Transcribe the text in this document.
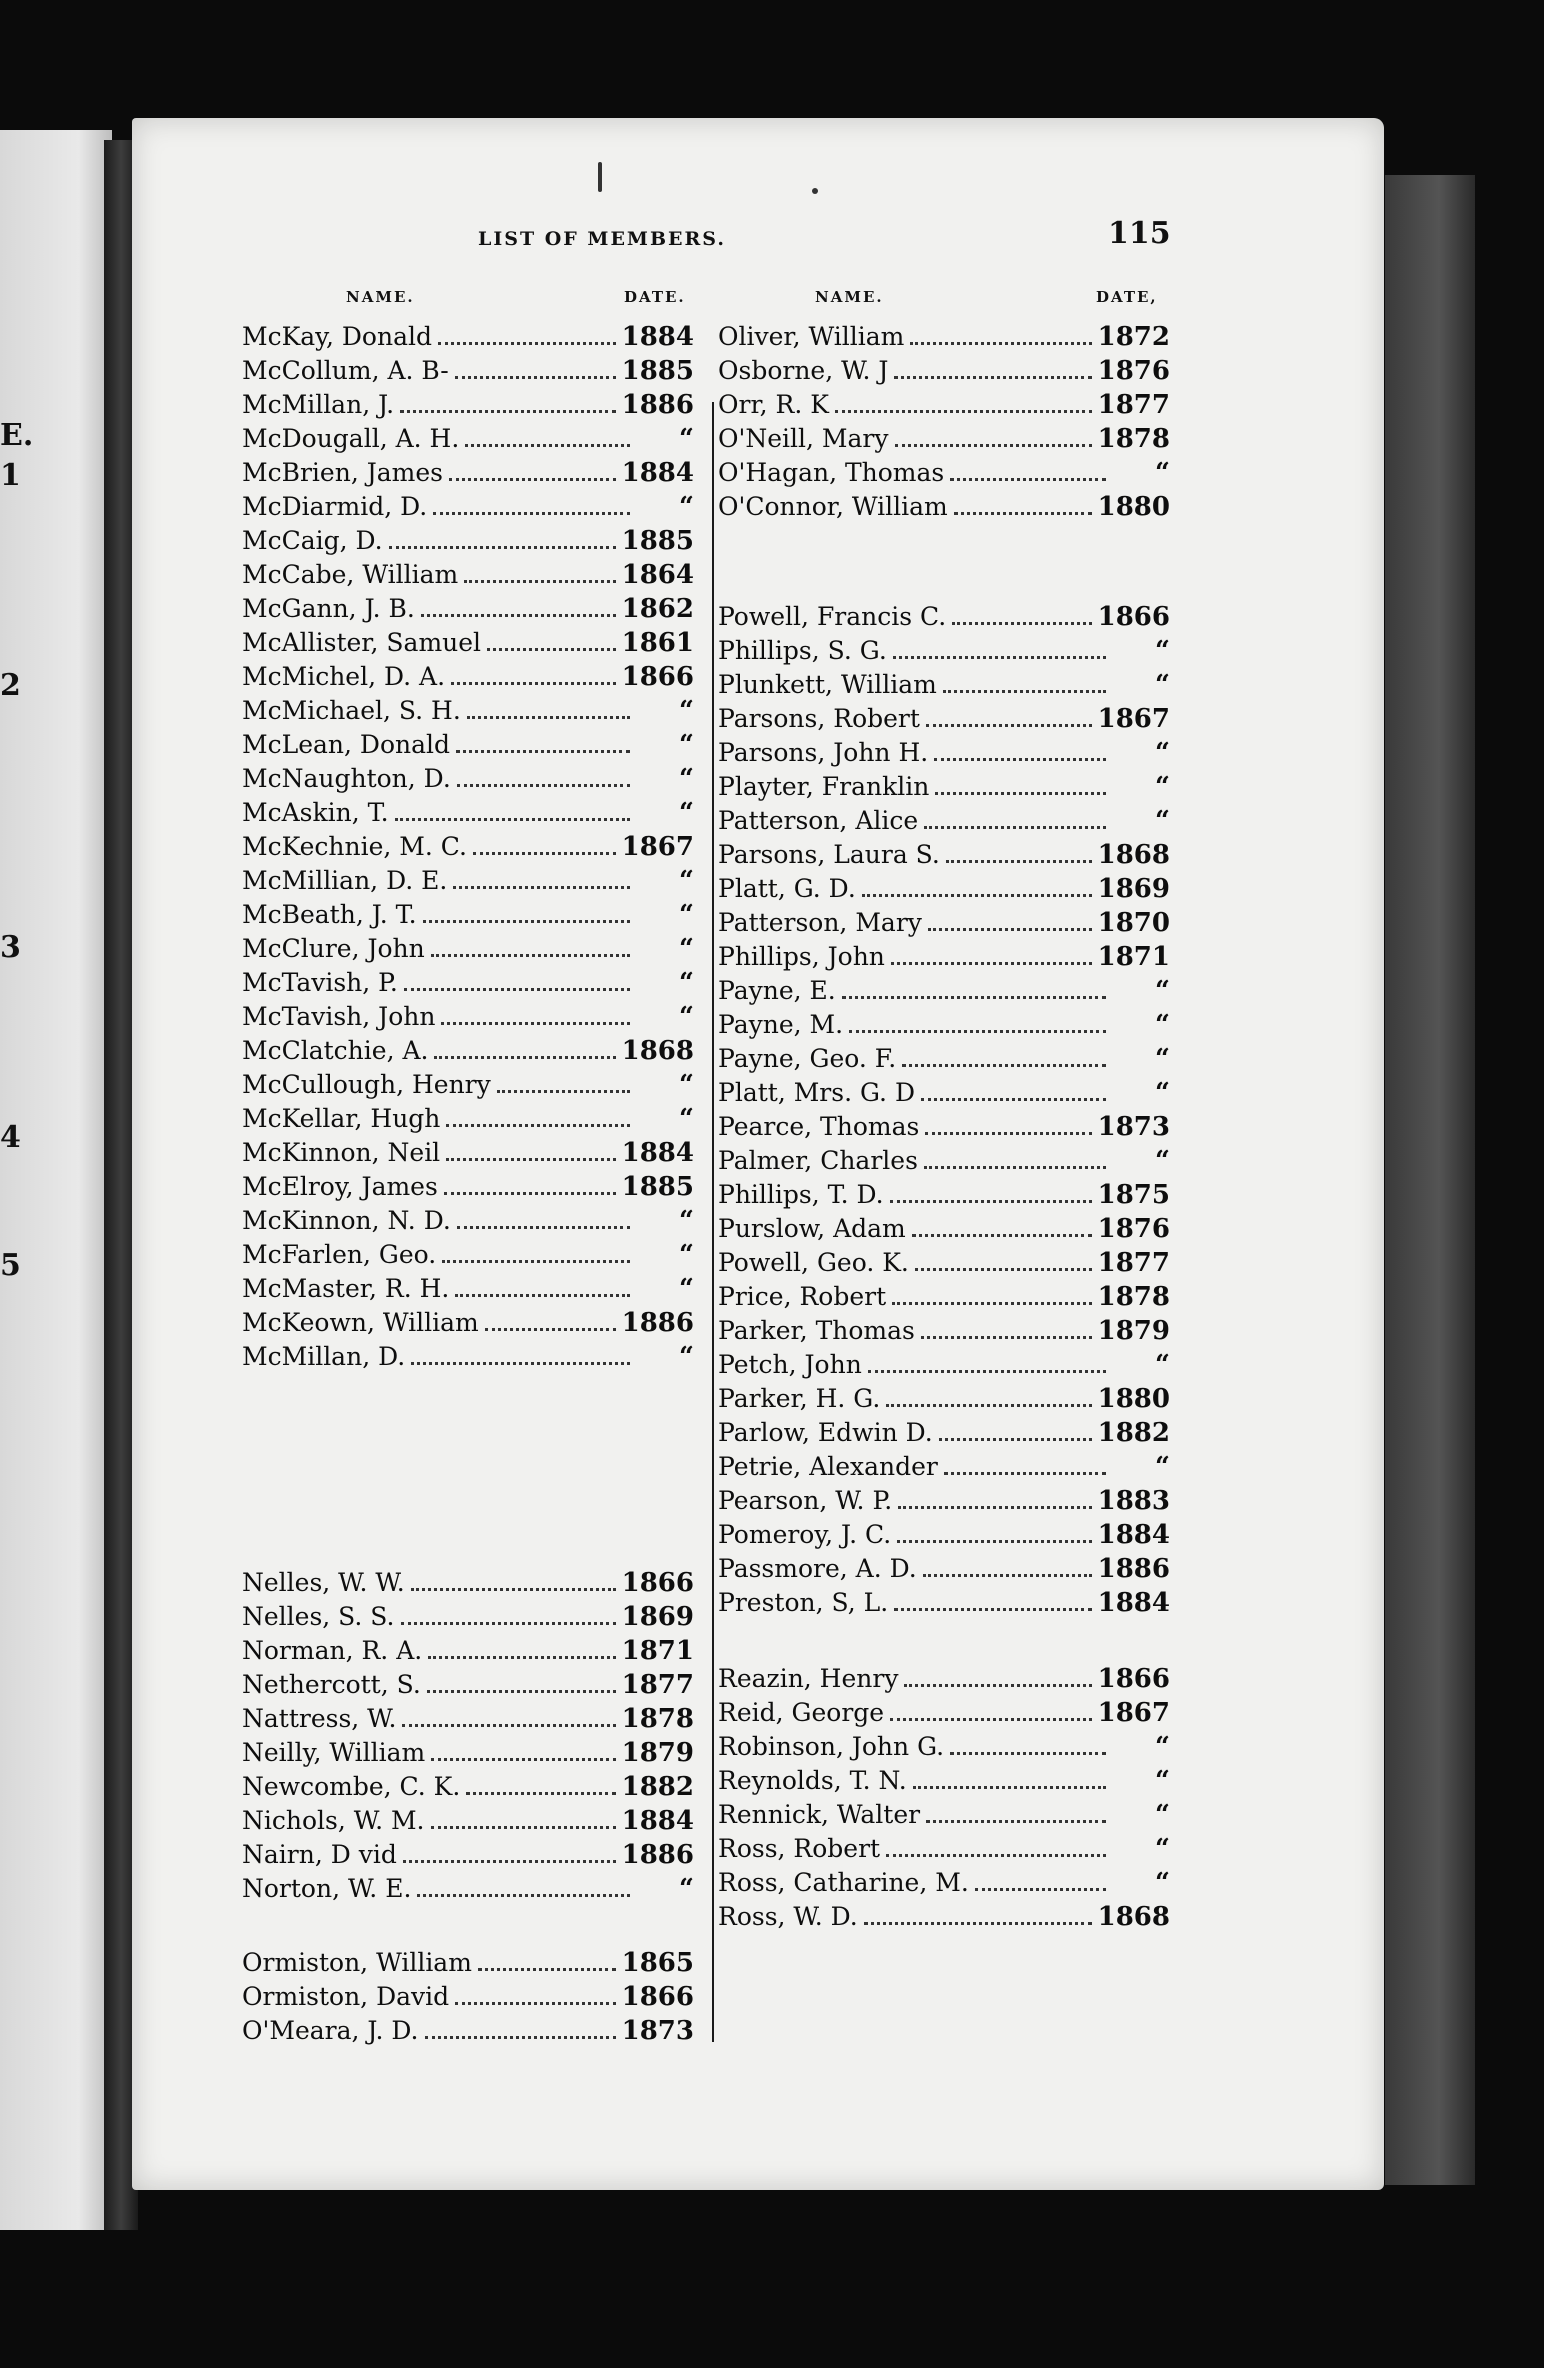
E.
1
2
3
4
5
LIST OF MEMBERS.	115
NAME.	DATE.	NAME.	DATE,
McKay, Donald	1884
McCollum, A. B-	1885
McMillan, J.	1886
McDougall, A. H.	“
McBrien, James	1884
McDiarmid, D.	“
McCaig, D.	1885
McCabe, William	1864
McGann, J. B.	1862
McAllister, Samuel	1861
McMichel, D. A.	1866
McMichael, S. H.	“
McLean, Donald	“
McNaughton, D.	“
McAskin, T.	“
McKechnie, M. C.	1867
McMillian, D. E.	“
McBeath, J. T.	“
McClure, John	“
McTavish, P.	“
McTavish, John	“
McClatchie, A.	1868
McCullough, Henry	“
McKellar, Hugh	“
McKinnon, Neil	1884
McElroy, James	1885
McKinnon, N. D.	“
McFarlen, Geo.	“
McMaster, R. H.	“
McKeown, William	1886
McMillan, D.	“
Nelles, W. W.	1866
Nelles, S. S.	1869
Norman, R. A.	1871
Nethercott, S.	1877
Nattress, W.	1878
Neilly, William	1879
Newcombe, C. K.	1882
Nichols, W. M.	1884
Nairn, D vid	1886
Norton, W. E.	“
Ormiston, William	1865
Ormiston, David	1866
O'Meara, J. D.	1873
Oliver, William	1872
Osborne, W. J	1876
Orr, R. K	1877
O'Neill, Mary	1878
O'Hagan, Thomas	“
O'Connor, William	1880
Powell, Francis C.	1866
Phillips, S. G.	“
Plunkett, William	“
Parsons, Robert	1867
Parsons, John H.	“
Playter, Franklin	“
Patterson, Alice	“
Parsons, Laura S.	1868
Platt, G. D.	1869
Patterson, Mary	1870
Phillips, John	1871
Payne, E.	“
Payne, M.	“
Payne, Geo. F.	“
Platt, Mrs. G. D	“
Pearce, Thomas	1873
Palmer, Charles	“
Phillips, T. D.	1875
Purslow, Adam	1876
Powell, Geo. K.	1877
Price, Robert	1878
Parker, Thomas	1879
Petch, John	“
Parker, H. G.	1880
Parlow, Edwin D.	1882
Petrie, Alexander	“
Pearson, W. P.	1883
Pomeroy, J. C.	1884
Passmore, A. D.	1886
Preston, S, L.	1884
Reazin, Henry	1866
Reid, George	1867
Robinson, John G.	“
Reynolds, T. N.	“
Rennick, Walter	“
Ross, Robert	“
Ross, Catharine, M.	“
Ross, W. D.	1868
